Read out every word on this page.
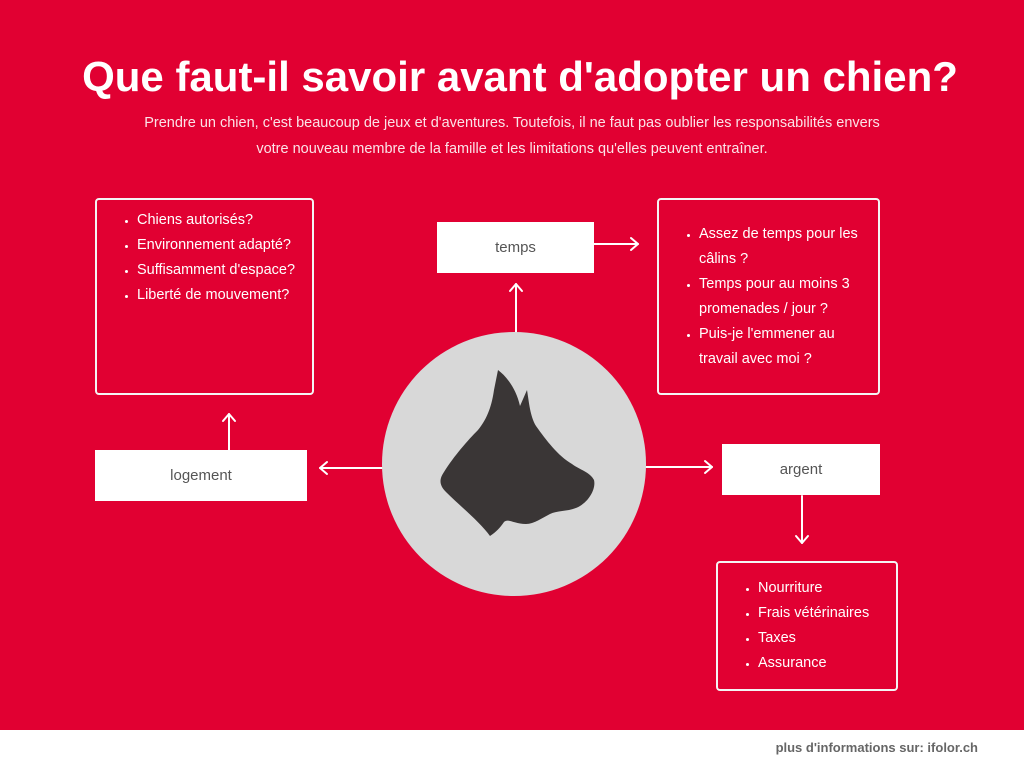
Que faut-il savoir avant d'adopter un chien?

Prendre un chien, c'est beaucoup de jeux et d'aventures. Toutefois, il ne faut pas oublier les responsabilités envers votre nouveau membre de la famille et les limitations qu'elles peuvent entraîner.

• Chiens autorisés?
• Environnement adapté?
• Suffisamment d'espace?
• Liberté de mouvement?
temps
• Assez de temps pour les câlins ?
• Temps pour au moins 3 promenades / jour ?
• Puis-je l'emmener au travail avec moi ?
logement	argent
• Nourriture
• Frais vétérinaires
• Taxes
• Assurance
plus d'informations sur: ifolor.ch
